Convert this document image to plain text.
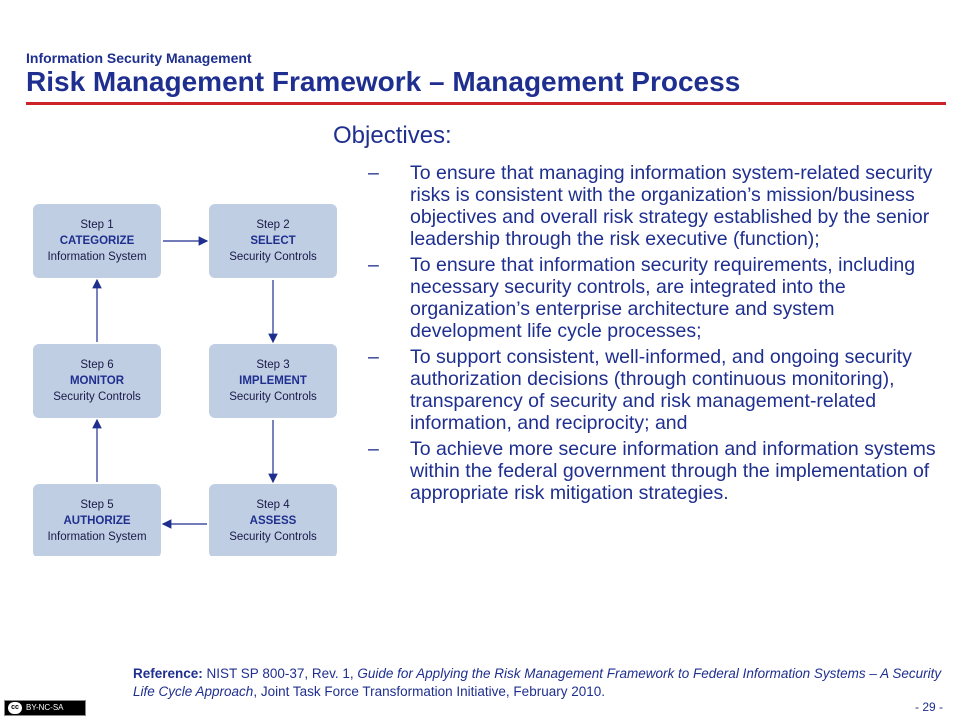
Information Security Management
Risk Management Framework – Management Process
Step 1
CATEGORIZE
Information System
Step 2
SELECT
Security Controls
Step 3
IMPLEMENT
Security Controls
Step 4
ASSESS
Security Controls
Step 5
AUTHORIZE
Information System
Step 6
MONITOR
Security Controls
Objectives:
– To ensure that managing information system-related security risks is consistent with the organization’s mission/business objectives and overall risk strategy established by the senior leadership through the risk executive (function);
– To ensure that information security requirements, including necessary security controls, are integrated into the organization’s enterprise architecture and system development life cycle processes;
– To support consistent, well-informed, and ongoing security authorization decisions (through continuous monitoring), transparency of security and risk management-related information, and reciprocity; and
– To achieve more secure information and information systems within the federal government through the implementation of appropriate risk mitigation strategies.
Reference: NIST SP 800-37, Rev. 1, Guide for Applying the Risk Management Framework to Federal Information Systems – A Security Life Cycle Approach, Joint Task Force Transformation Initiative, February 2010.
cc BY-NC-SA	- 29 -
